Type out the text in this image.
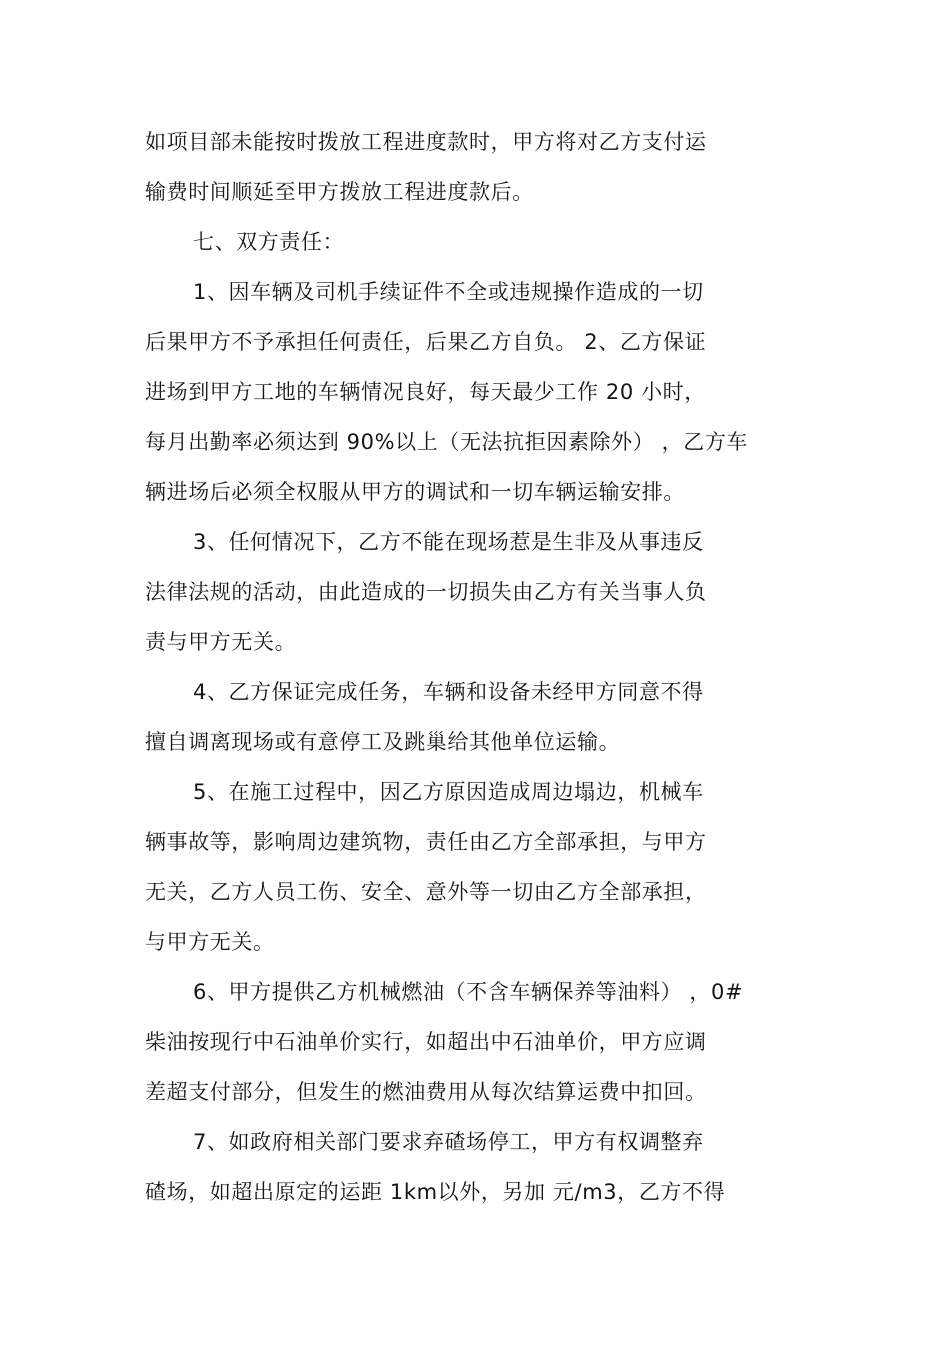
如项目部未能按时拨放工程进度款时，甲方将对乙方支付运
输费时间顺延至甲方拨放工程进度款后。
七、双方责任：
1、因车辆及司机手续证件不全或违规操作造成的一切
后果甲方不予承担任何责任，后果乙方自负。 2、乙方保证
进场到甲方工地的车辆情况良好，每天最少工作 20 小时，
每月出勤率必须达到 90%以上（无法抗拒因素除外） ，乙方车
辆进场后必须全权服从甲方的调试和一切车辆运输安排。
3、任何情况下，乙方不能在现场惹是生非及从事违反
法律法规的活动，由此造成的一切损失由乙方有关当事人负
责与甲方无关。
4、乙方保证完成任务，车辆和设备未经甲方同意不得
擅自调离现场或有意停工及跳巢给其他单位运输。
5、在施工过程中，因乙方原因造成周边塌边，机械车
辆事故等，影响周边建筑物，责任由乙方全部承担，与甲方
无关，乙方人员工伤、安全、意外等一切由乙方全部承担，
与甲方无关。
6、甲方提供乙方机械燃油（不含车辆保养等油料） ，0#
柴油按现行中石油单价实行，如超出中石油单价，甲方应调
差超支付部分，但发生的燃油费用从每次结算运费中扣回。
7、如政府相关部门要求弃碴场停工，甲方有权调整弃
碴场，如超出原定的运距 1km以外，另加 元/m3，乙方不得
